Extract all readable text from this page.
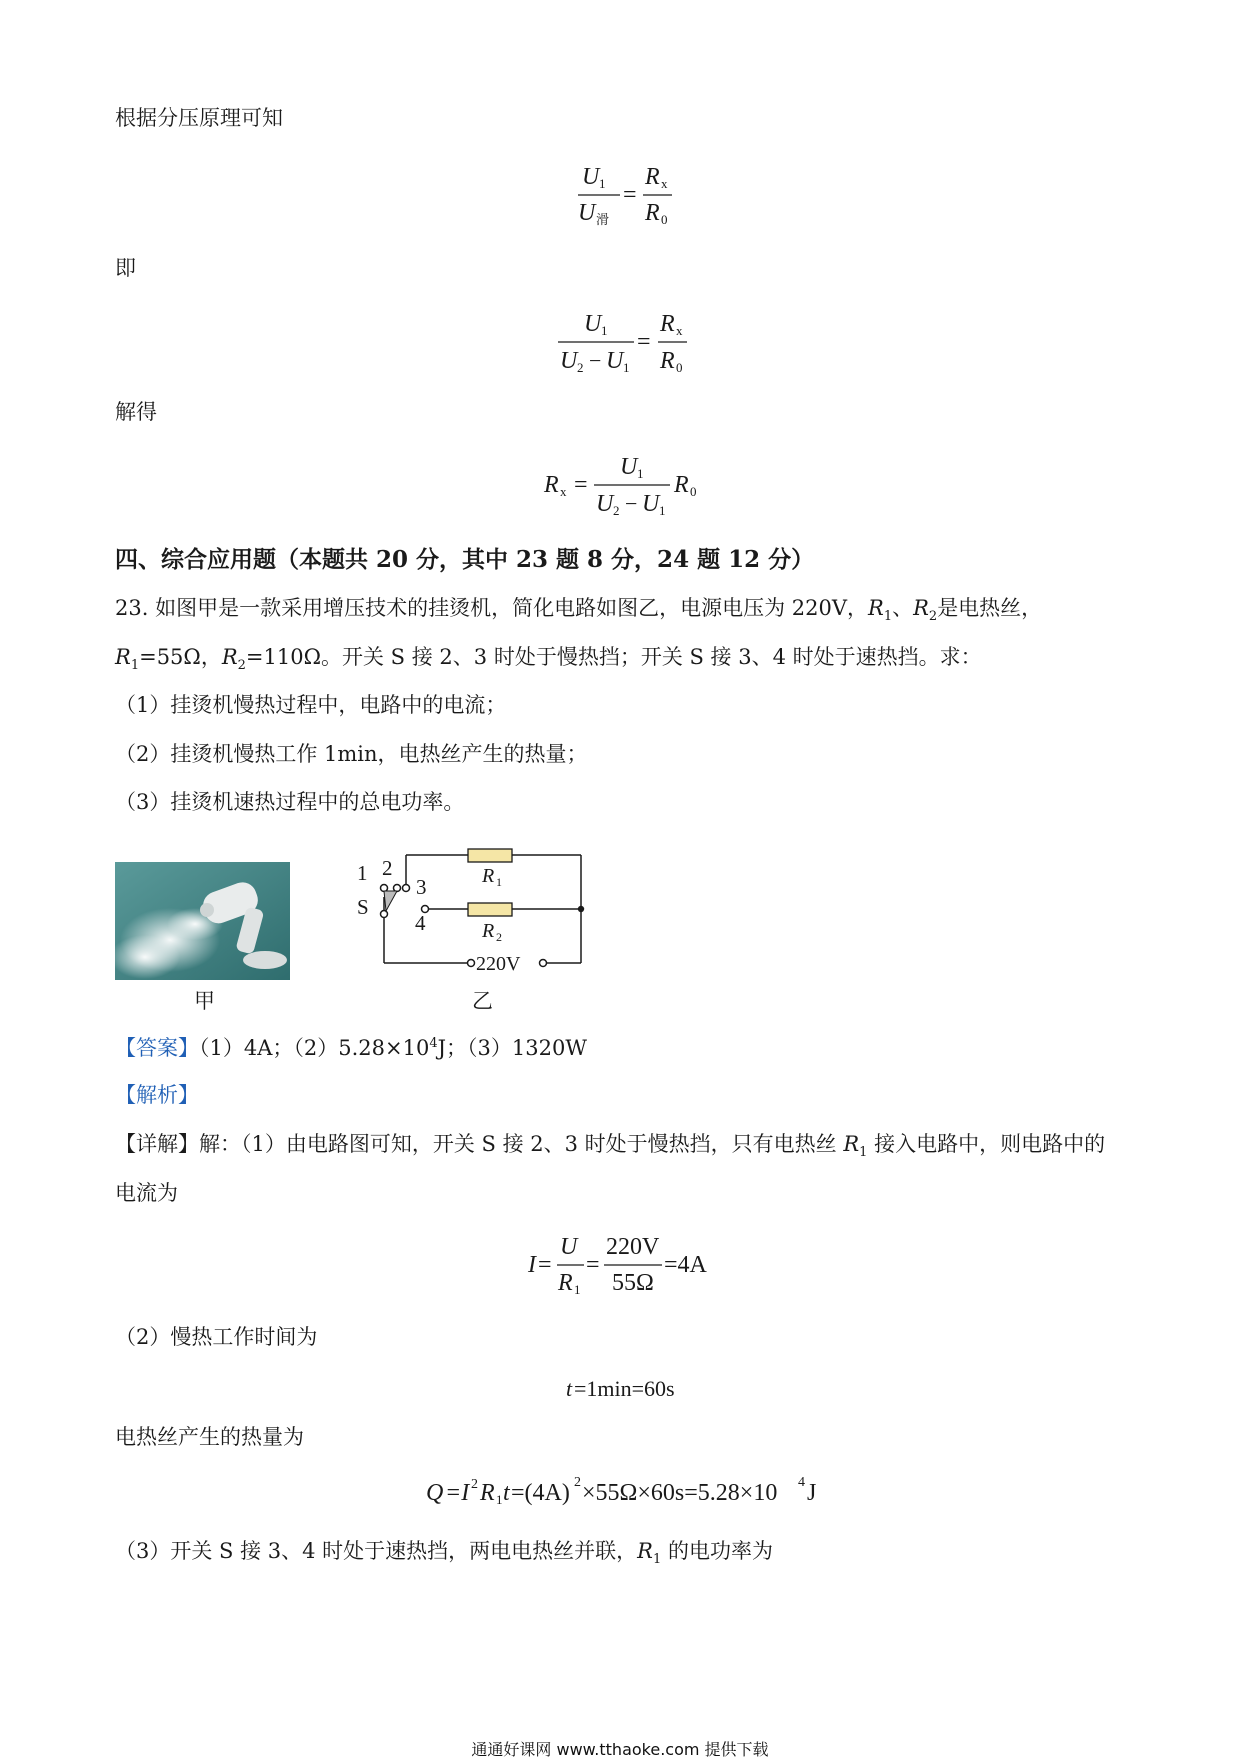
根据分压原理可知
U 1
U 滑
=
R x
R 0
即
U 1
U 2 − U 1
=
R x
R 0
解得
R x =
U 1
U 2 − U 1
R 0
四、综合应用题（本题共 20 分，其中 23 题 8 分，24 题 12 分）
23. 如图甲是一款采用增压技术的挂烫机，简化电路如图乙，电源电压为 220V，$R_1$、$R_2$是电热丝，
$R_1=55\Omega$，$R_2=110\Omega$。开关 S 接 2、3 时处于慢热挡；开关 S 接 3、4 时处于速热挡。求：
（1）挂烫机慢热过程中，电路中的电流；
（2）挂烫机慢热工作 1min，电热丝产生的热量；
（3）挂烫机速热过程中的总电功率。
甲
1 2
3
4
S
R 1
R 2
220V
乙
【答案】（1）4A；$(2)5.28\times 10^4J$；（3）1320W
【解析】
【详解】解：（1）由电路图可知，开关 S 接 2、3 时处于慢热挡，只有电热丝 $R_1$ 接入电路中，则电路中的
电流为
I =
U
R 1
=
220V
55Ω
=4A
（2）慢热工作时间为
t =1min=60s
电热丝产生的热量为
Q =I 2 R 1 t =(4A) 2 ×55Ω×60s=5.28×10 4 J
（3）开关 S 接 3、4 时处于速热挡，两电电热丝并联，$R_1$ 的电功率为
通通好课网 www.tthaoke.com 提供下载
